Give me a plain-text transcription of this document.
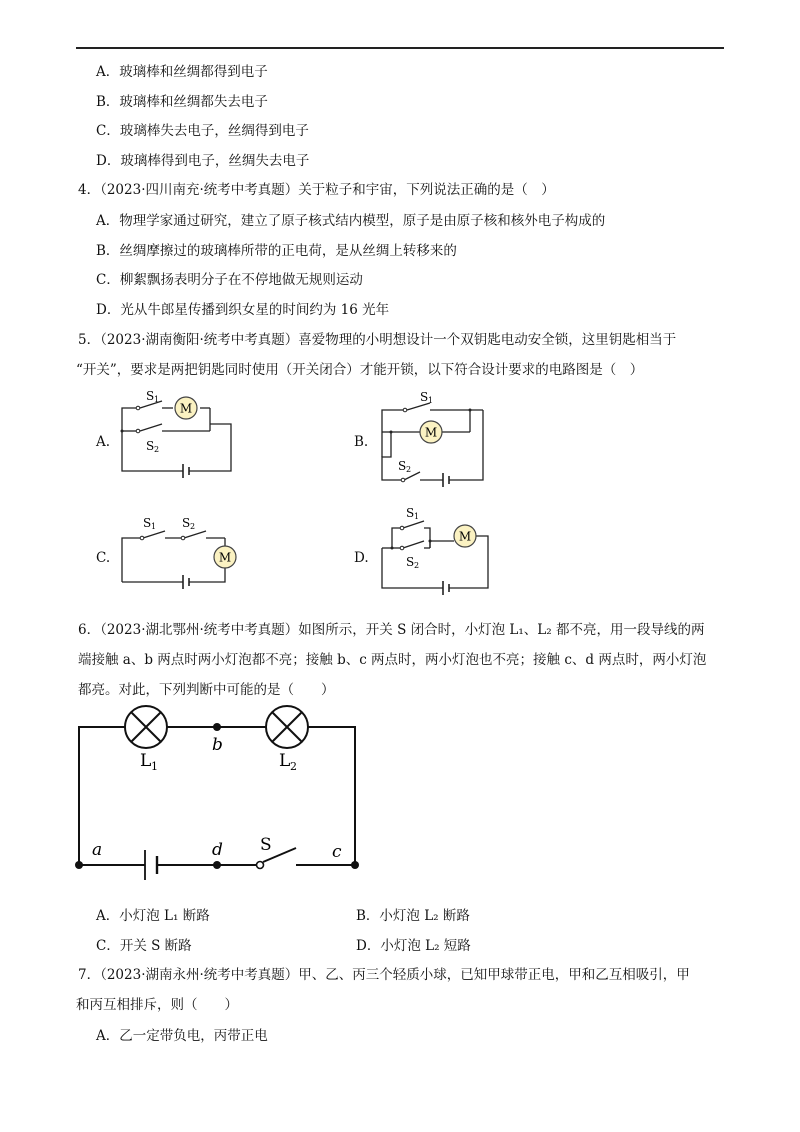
A．玻璃棒和丝绸都得到电子
B．玻璃棒和丝绸都失去电子
C．玻璃棒失去电子，丝绸得到电子
D．玻璃棒得到电子，丝绸失去电子
4．（2023·四川南充·统考中考真题）关于粒子和宇宙，下列说法正确的是（　）
A．物理学家通过研究，建立了原子核式结内模型，原子是由原子核和核外电子构成的
B．丝绸摩擦过的玻璃棒所带的正电荷，是从丝绸上转移来的
C．柳絮飘扬表明分子在不停地做无规则运动
D．光从牛郎星传播到织女星的时间约为 16 光年
5．（2023·湖南衡阳·统考中考真题）喜爱物理的小明想设计一个双钥匙电动安全锁，这里钥匙相当于
“开关”，要求是两把钥匙同时使用（开关闭合）才能开锁，以下符合设计要求的电路图是（　）
A.
M
S 1
S 2	B.
M
S 1
S 2
C.	M
S 1 S 2
D.
M
S 1
S 2
6．（2023·湖北鄂州·统考中考真题）如图所示，开关 S 闭合时，小灯泡 L₁、L₂ 都不亮，用一段导线的两
端接触 a、b 两点时两小灯泡都不亮；接触 b、c 两点时，两小灯泡也不亮；接触 c、d 两点时，两小灯泡
都亮。对此，下列判断中可能的是（　　）
L 1	L 2
b
a	d S	c
A．小灯泡 L₁ 断路	B．小灯泡 L₂ 断路
C．开关 S 断路	D．小灯泡 L₂ 短路
7．（2023·湖南永州·统考中考真题）甲、乙、丙三个轻质小球，已知甲球带正电，甲和乙互相吸引，甲
和丙互相排斥，则（　　）
A．乙一定带负电，丙带正电
